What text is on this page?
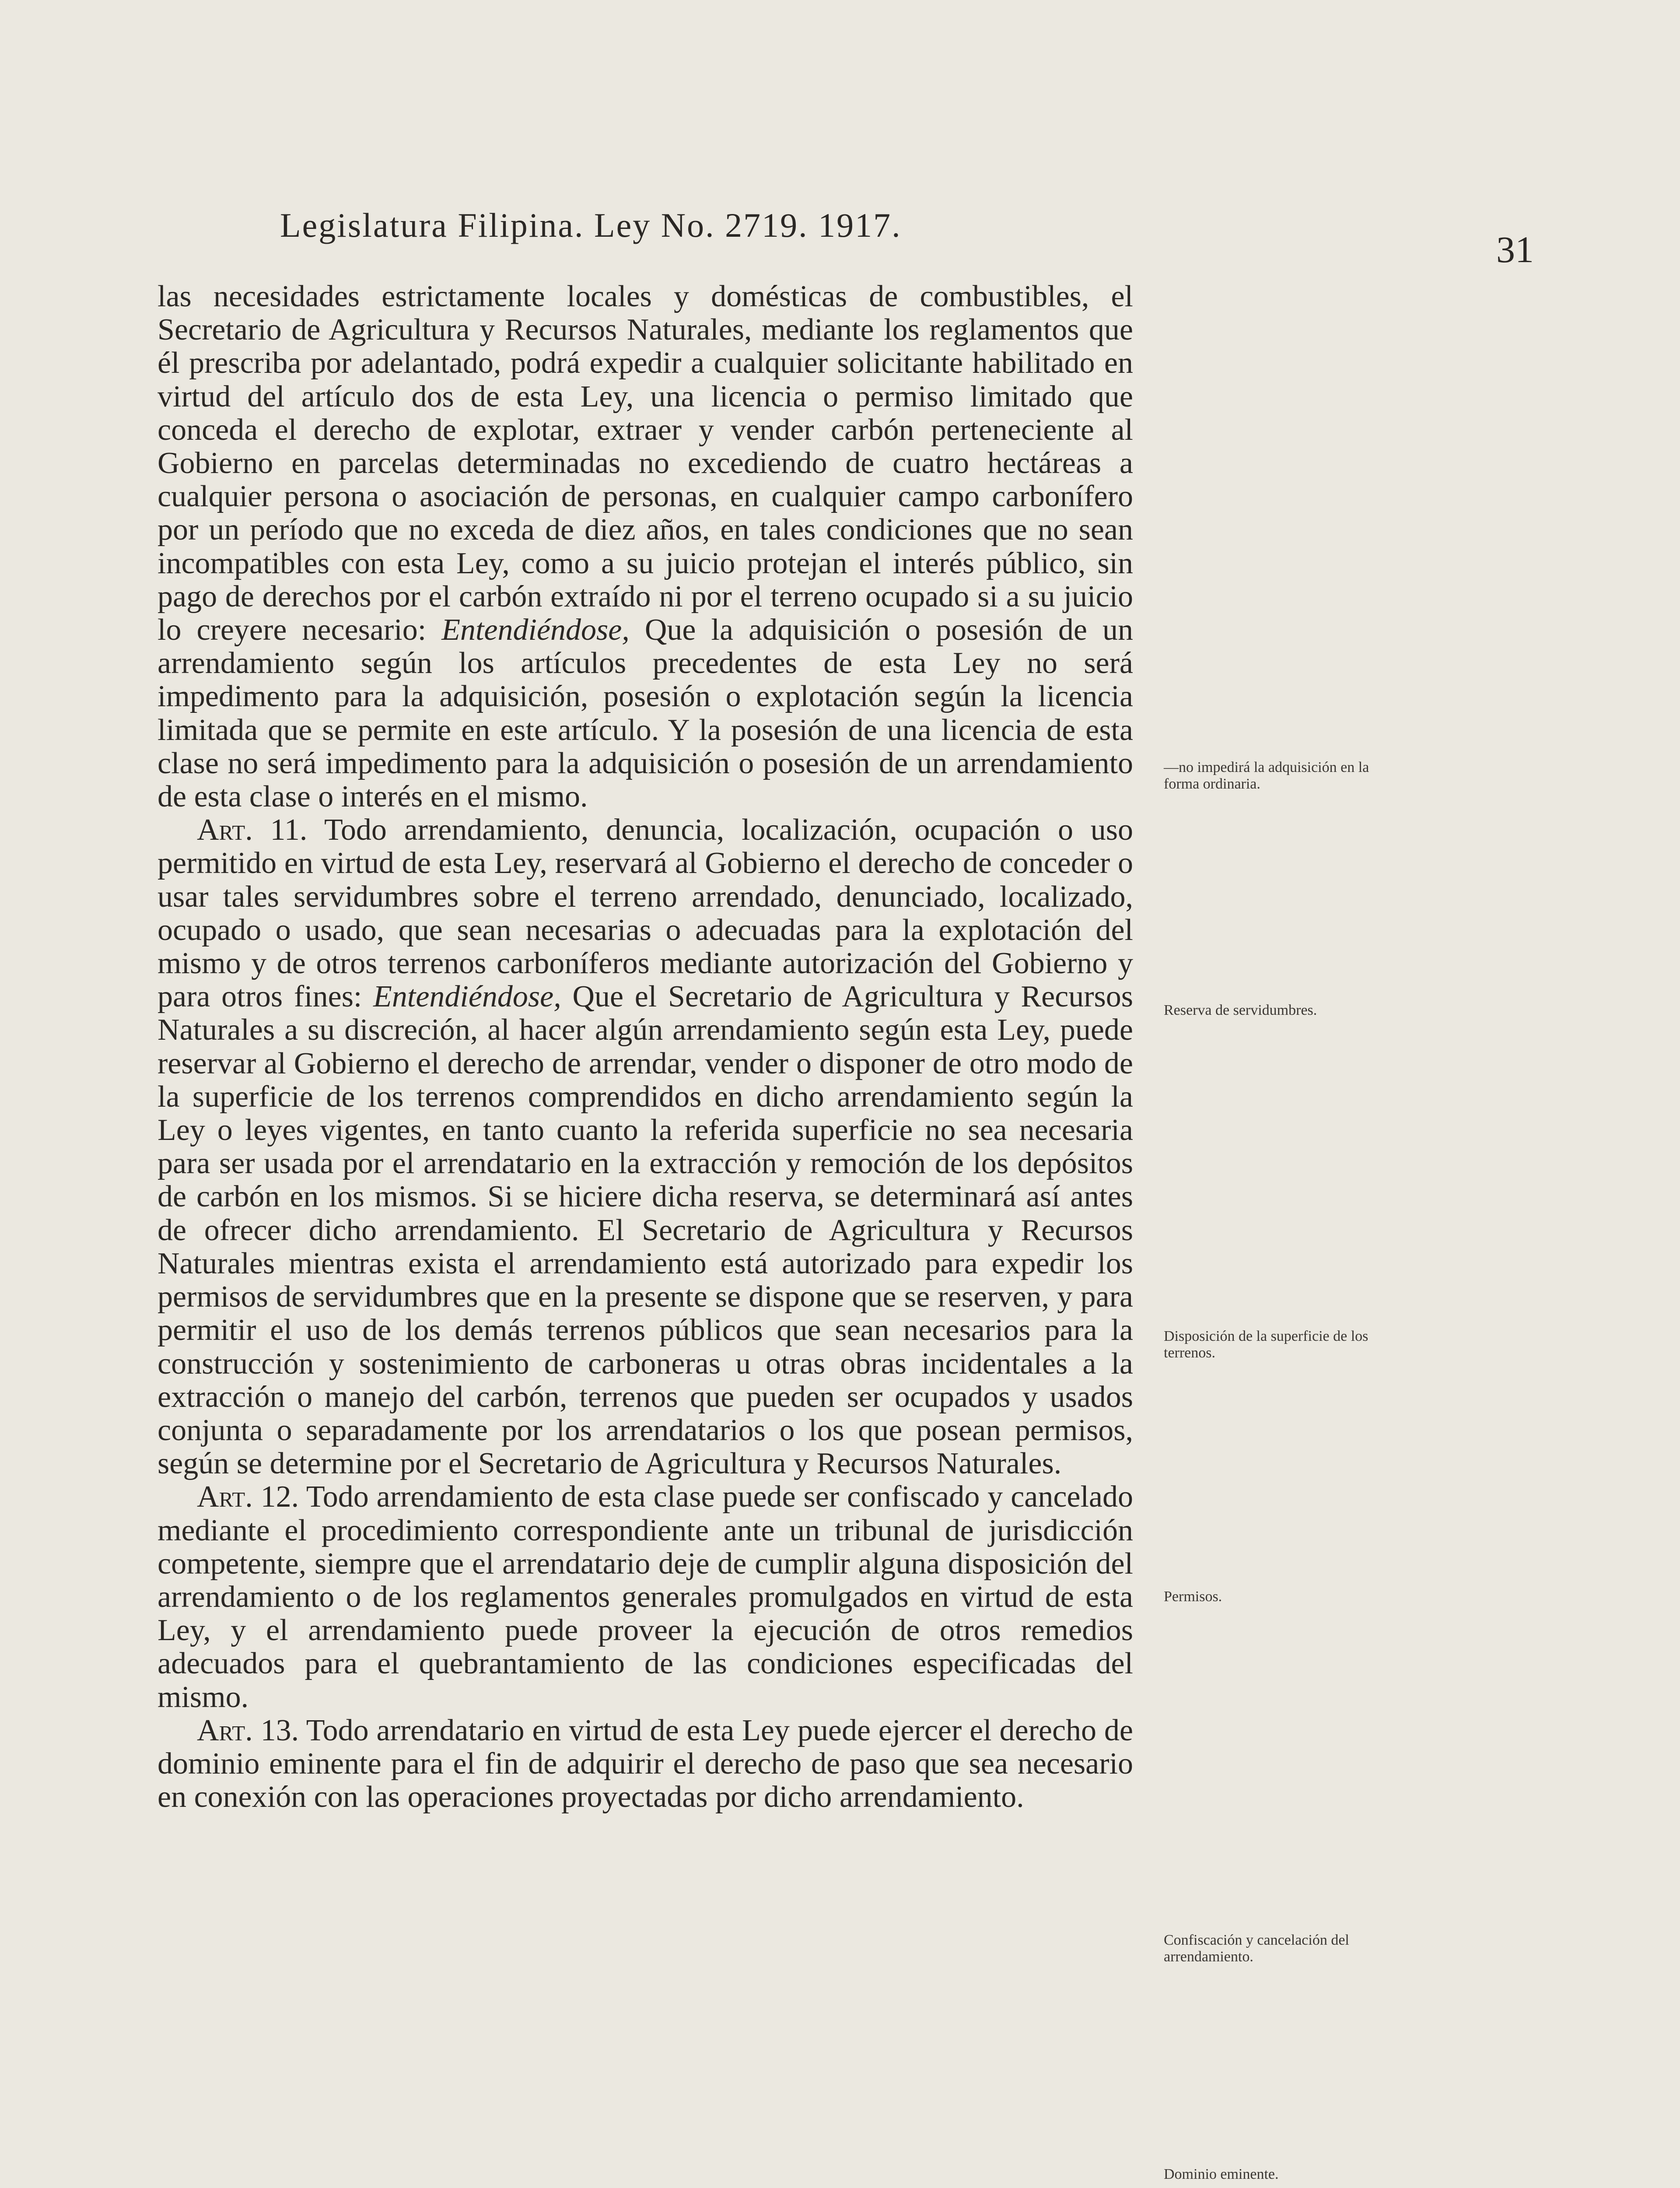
Legislatura Filipina. Ley No. 2719. 1917.
31

las necesidades estrictamente locales y domésticas de combustibles, el Secretario de Agricultura y Recursos Naturales, mediante los reglamentos que él prescriba por adelantado, podrá expedir a cualquier solicitante habilitado en virtud del artículo dos de esta Ley, una licencia o permiso limitado que conceda el derecho de explotar, extraer y vender carbón perteneciente al Gobierno en parcelas determinadas no excediendo de cuatro hectáreas a cualquier persona o asociación de personas, en cualquier campo carbonífero por un período que no exceda de diez años, en tales condiciones que no sean incompatibles con esta Ley, como a su juicio protejan el interés público, sin pago de derechos por el carbón extraído ni por el terreno ocupado si a su juicio lo creyere necesario: Entendiéndose, Que la adquisición o posesión de un arrendamiento según los artículos precedentes de esta Ley no será impedimento para la adquisición, posesión o explotación según la licencia limitada que se permite en este artículo. Y la posesión de una licencia de esta clase no será impedimento para la adquisición o posesión de un arrendamiento de esta clase o interés en el mismo.

Art. 11. Todo arrendamiento, denuncia, localización, ocupación o uso permitido en virtud de esta Ley, reservará al Gobierno el derecho de conceder o usar tales servidumbres sobre el terreno arrendado, denunciado, localizado, ocupado o usado, que sean necesarias o adecuadas para la explotación del mismo y de otros terrenos carboníferos mediante autorización del Gobierno y para otros fines: Entendiéndose, Que el Secretario de Agricultura y Recursos Naturales a su discreción, al hacer algún arrendamiento según esta Ley, puede reservar al Gobierno el derecho de arrendar, vender o disponer de otro modo de la superficie de los terrenos comprendidos en dicho arrendamiento según la Ley o leyes vigentes, en tanto cuanto la referida superficie no sea necesaria para ser usada por el arrendatario en la extracción y remoción de los depósitos de carbón en los mismos. Si se hiciere dicha reserva, se determinará así antes de ofrecer dicho arrendamiento. El Secretario de Agricultura y Recursos Naturales mientras exista el arrendamiento está autorizado para expedir los permisos de servidumbres que en la presente se dispone que se reserven, y para permitir el uso de los demás terrenos públicos que sean necesarios para la construcción y sostenimiento de carboneras u otras obras incidentales a la extracción o manejo del carbón, terrenos que pueden ser ocupados y usados conjunta o separadamente por los arrendatarios o los que posean permisos, según se determine por el Secretario de Agricultura y Recursos Naturales.

Art. 12. Todo arrendamiento de esta clase puede ser confiscado y cancelado mediante el procedimiento correspondiente ante un tribunal de jurisdicción competente, siempre que el arrendatario deje de cumplir alguna disposición del arrendamiento o de los reglamentos generales promulgados en virtud de esta Ley, y el arrendamiento puede proveer la ejecución de otros remedios adecuados para el quebrantamiento de las condiciones especificadas del mismo.

Art. 13. Todo arrendatario en virtud de esta Ley puede ejercer el derecho de dominio eminente para el fin de adquirir el derecho de paso que sea necesario en conexión con las operaciones proyectadas por dicho arrendamiento.

—no impedirá la adquisición en la forma ordinaria.
Reserva de servidumbres.
Disposición de la superficie de los terrenos.
Permisos.
Confiscación y cancelación del arrendamiento.
Dominio eminente.
